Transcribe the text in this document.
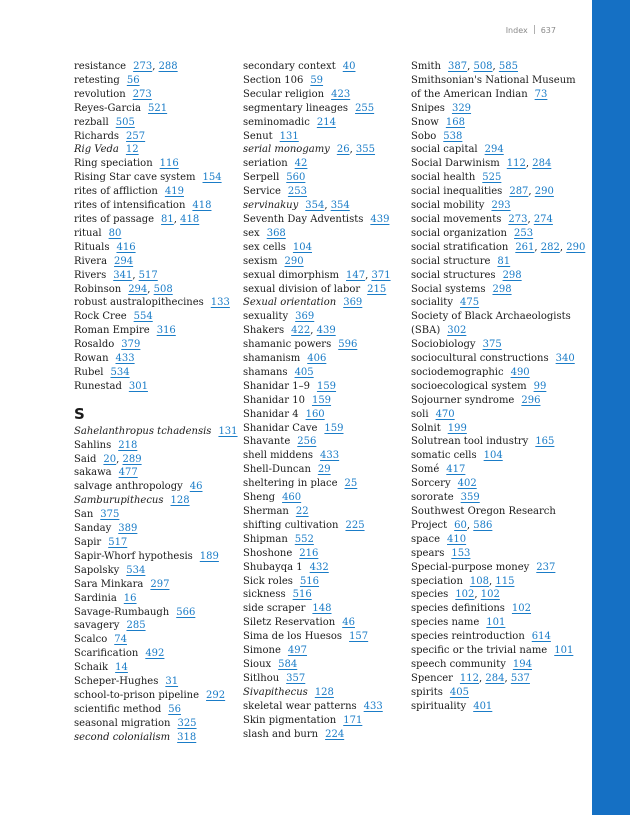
Index 637
resistance 273, 288
retesting 56
revolution 273
Reyes-Garcia 521
rezball 505
Richards 257
Rig Veda 12
Ring speciation 116
Rising Star cave system 154
rites of affliction 419
rites of intensification 418
rites of passage 81, 418
ritual 80
Rituals 416
Rivera 294
Rivers 341, 517
Robinson 294, 508
robust australopithecines 133
Rock Cree 554
Roman Empire 316
Rosaldo 379
Rowan 433
Rubel 534
Runestad 301
S
Sahelanthropus tchadensis 131
Sahlins 218
Said 20, 289
sakawa 477
salvage anthropology 46
Samburupithecus 128
San 375
Sanday 389
Sapir 517
Sapir-Whorf hypothesis 189
Sapolsky 534
Sara Minkara 297
Sardinia 16
Savage-Rumbaugh 566
savagery 285
Scalco 74
Scarification 492
Schaik 14
Scheper-Hughes 31
school-to-prison pipeline 292
scientific method 56
seasonal migration 325
second colonialism 318
secondary context 40
Section 106 59
Secular religion 423
segmentary lineages 255
seminomadic 214
Senut 131
serial monogamy 26, 355
seriation 42
Serpell 560
Service 253
servinakuy 354, 354
Seventh Day Adventists 439
sex 368
sex cells 104
sexism 290
sexual dimorphism 147, 371
sexual division of labor 215
Sexual orientation 369
sexuality 369
Shakers 422, 439
shamanic powers 596
shamanism 406
shamans 405
Shanidar 1–9 159
Shanidar 10 159
Shanidar 4 160
Shanidar Cave 159
Shavante 256
shell middens 433
Shell-Duncan 29
sheltering in place 25
Sheng 460
Sherman 22
shifting cultivation 225
Shipman 552
Shoshone 216
Shubayqa 1 432
Sick roles 516
sickness 516
side scraper 148
Siletz Reservation 46
Sima de los Huesos 157
Simone 497
Sioux 584
Sitlhou 357
Sivapithecus 128
skeletal wear patterns 433
Skin pigmentation 171
slash and burn 224
Smith 387, 508, 585
Smithsonian's National Museum of the American Indian 73
Snipes 329
Snow 168
Sobo 538
social capital 294
Social Darwinism 112, 284
social health 525
social inequalities 287, 290
social mobility 293
social movements 273, 274
social organization 253
social stratification 261, 282, 290
social structure 81
social structures 298
Social systems 298
sociality 475
Society of Black Archaeologists (SBA) 302
Sociobiology 375
sociocultural constructions 340
sociodemographic 490
socioecological system 99
Sojourner syndrome 296
soli 470
Solnit 199
Solutrean tool industry 165
somatic cells 104
Somé 417
Sorcery 402
sororate 359
Southwest Oregon Research Project 60, 586
space 410
spears 153
Special-purpose money 237
speciation 108, 115
species 102, 102
species definitions 102
species name 101
species reintroduction 614
specific or the trivial name 101
speech community 194
Spencer 112, 284, 537
spirits 405
spirituality 401
